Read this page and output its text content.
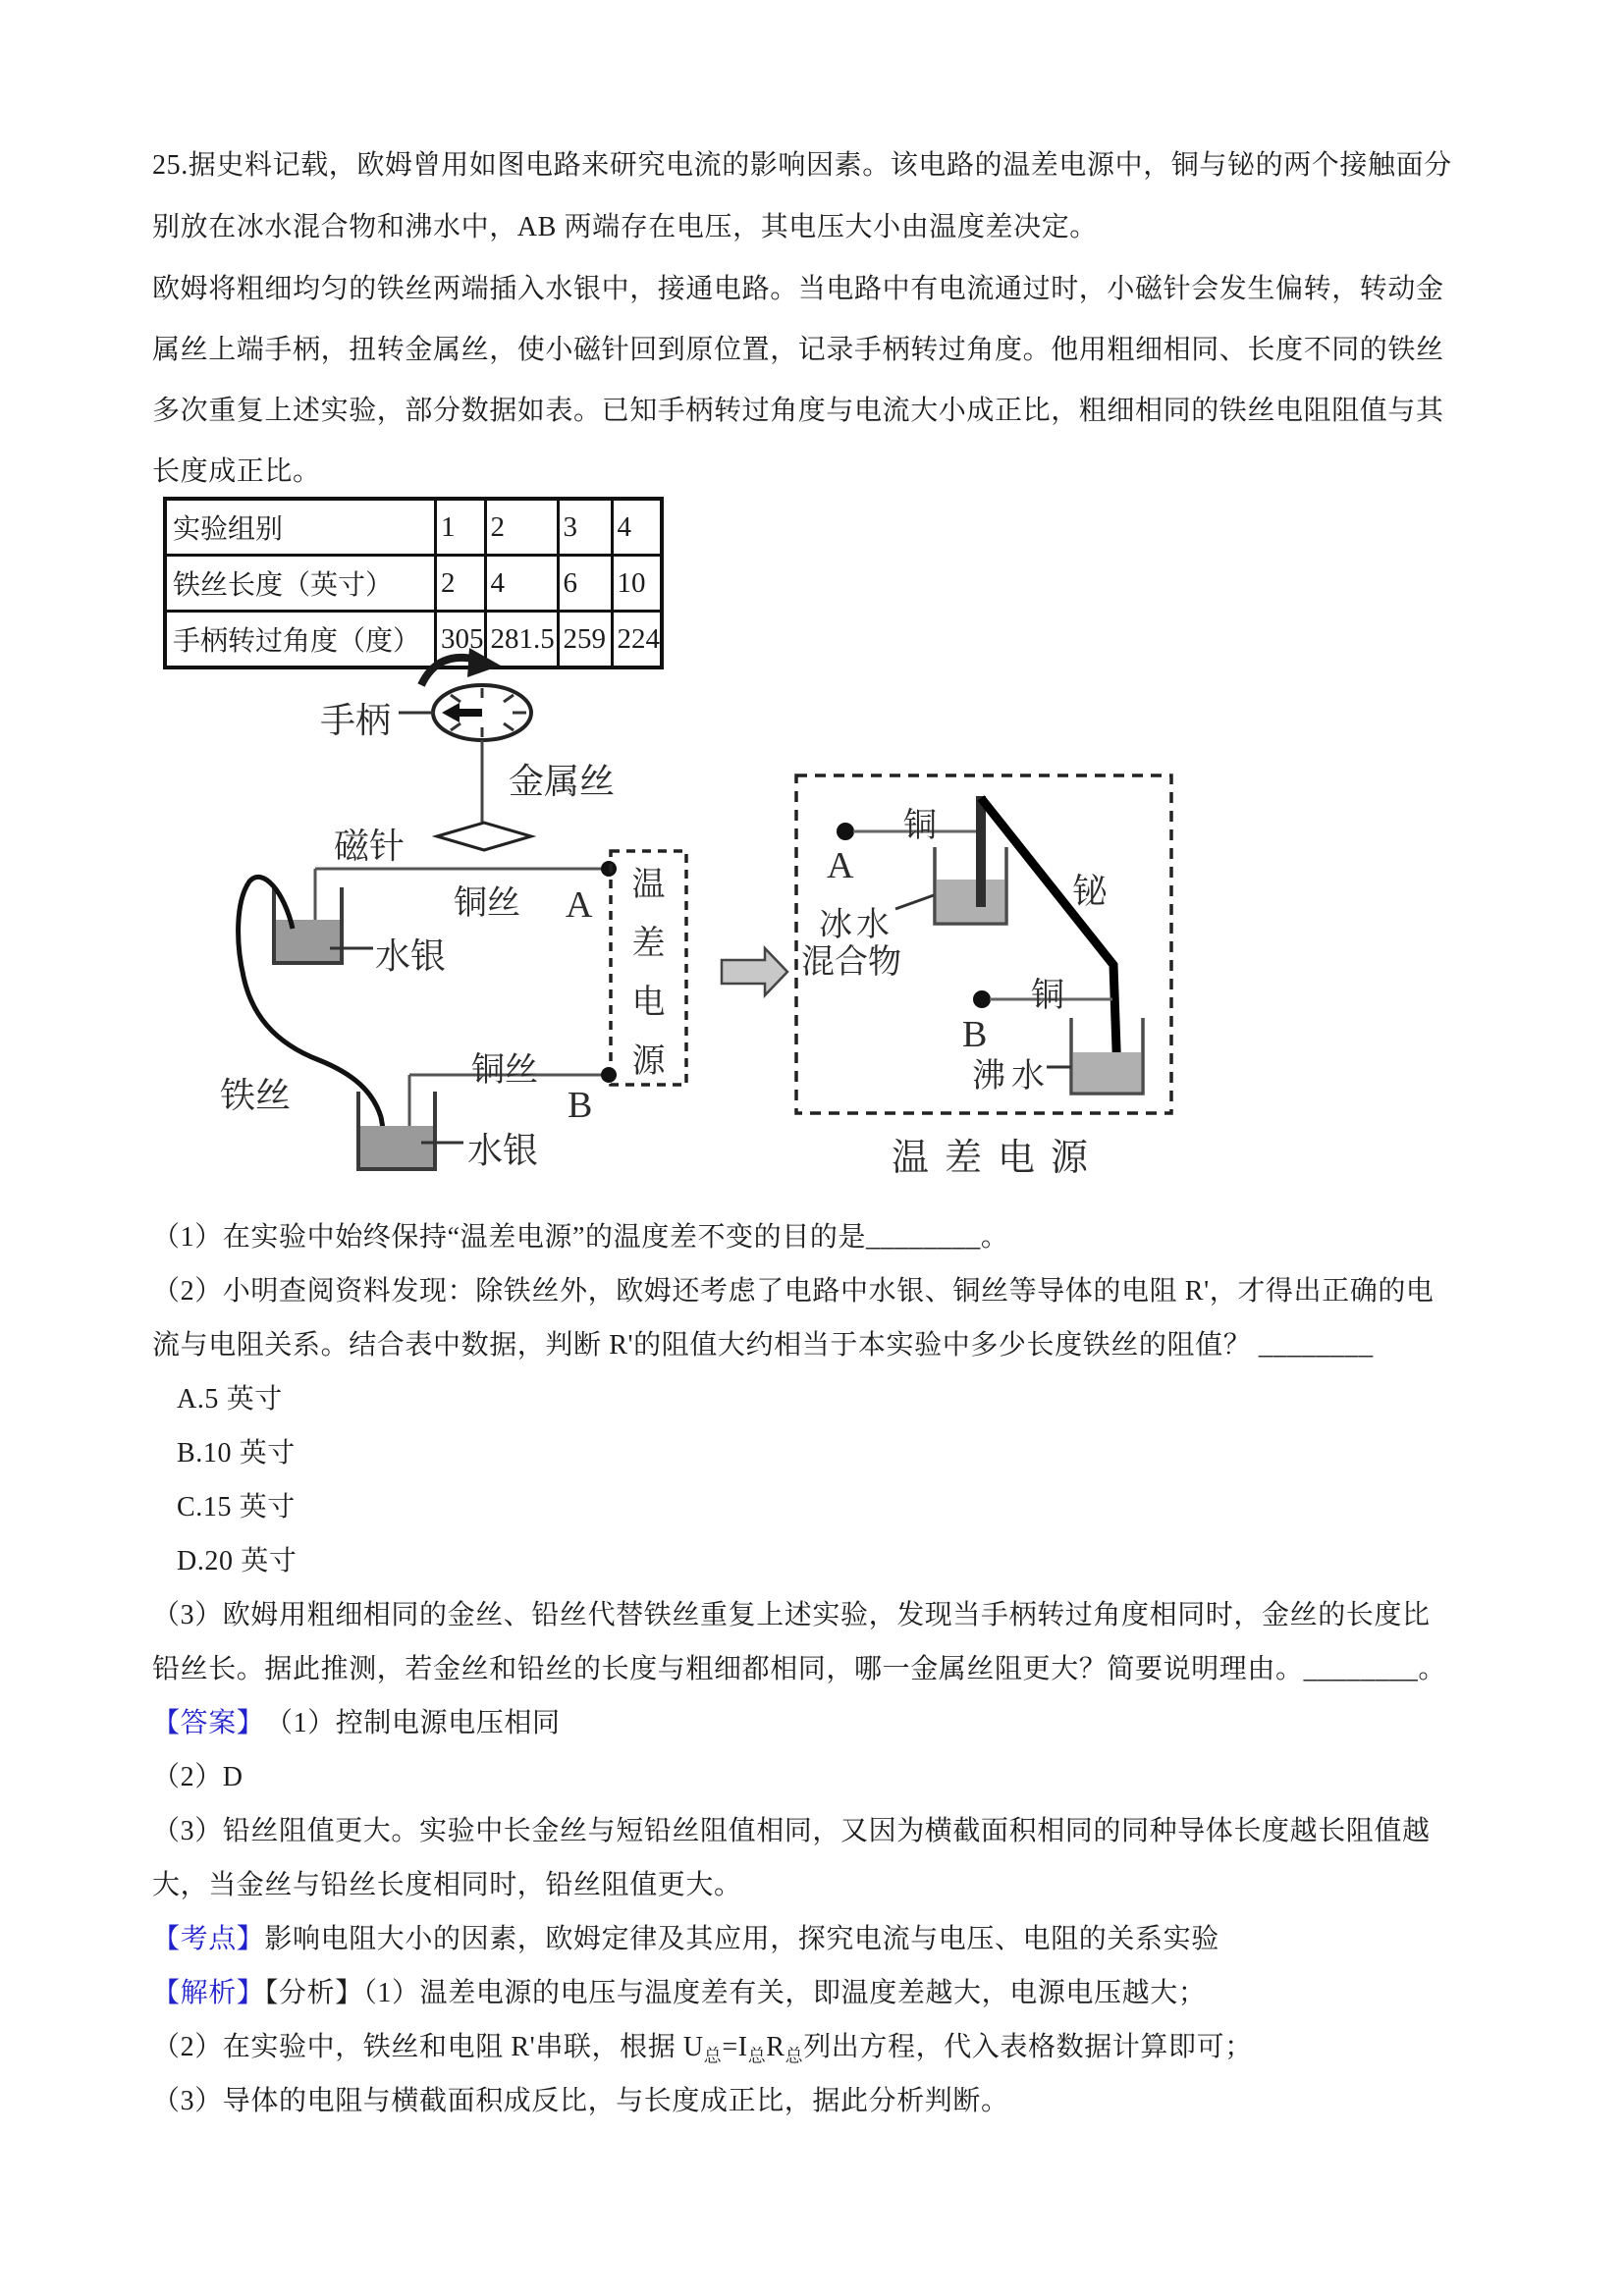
25.据史料记载，欧姆曾用如图电路来研究电流的影响因素。该电路的温差电源中，铜与铋的两个接触面分
别放在冰水混合物和沸水中，AB 两端存在电压，其电压大小由温度差决定。
欧姆将粗细均匀的铁丝两端插入水银中，接通电路。当电路中有电流通过时，小磁针会发生偏转，转动金
属丝上端手柄，扭转金属丝，使小磁针回到原位置，记录手柄转过角度。他用粗细相同、长度不同的铁丝
多次重复上述实验，部分数据如表。已知手柄转过角度与电流大小成正比，粗细相同的铁丝电阻阻值与其
长度成正比。
实验组别	1	2	3	4
铁丝长度（英寸）	2	4	6	10
手柄转过角度（度）	305	281.5	259	224
手柄
金属丝
磁针
铜丝 A
水银
铁丝
铜丝
B
水银
温差电源
铜
A
冰水
混合物
铋
铜
B
沸水
温差电源
（1）在实验中始终保持“温差电源”的温度差不变的目的是________。
（2）小明查阅资料发现：除铁丝外，欧姆还考虑了电路中水银、铜丝等导体的电阻 R'，才得出正确的电
流与电阻关系。结合表中数据，判断 R'的阻值大约相当于本实验中多少长度铁丝的阻值？ ________
A.5 英寸
B.10 英寸
C.15 英寸
D.20 英寸
（3）欧姆用粗细相同的金丝、铅丝代替铁丝重复上述实验，发现当手柄转过角度相同时，金丝的长度比
铅丝长。据此推测，若金丝和铅丝的长度与粗细都相同，哪一金属丝阻更大？简要说明理由。________。
【答案】　（1）控制电源电压相同
（2）D
（3）铅丝阻值更大。实验中长金丝与短铅丝阻值相同，又因为横截面积相同的同种导体长度越长阻值越
大，当金丝与铅丝长度相同时，铅丝阻值更大。
【考点】影响电阻大小的因素，欧姆定律及其应用，探究电流与电压、电阻的关系实验
【解析】【分析】（1）温差电源的电压与温度差有关，即温度差越大，电源电压越大；
（2）在实验中，铁丝和电阻 R'串联，根据 $U_总=I_总R_总$列出方程，代入表格数据计算即可；
（3）导体的电阻与横截面积成反比，与长度成正比，据此分析判断。
